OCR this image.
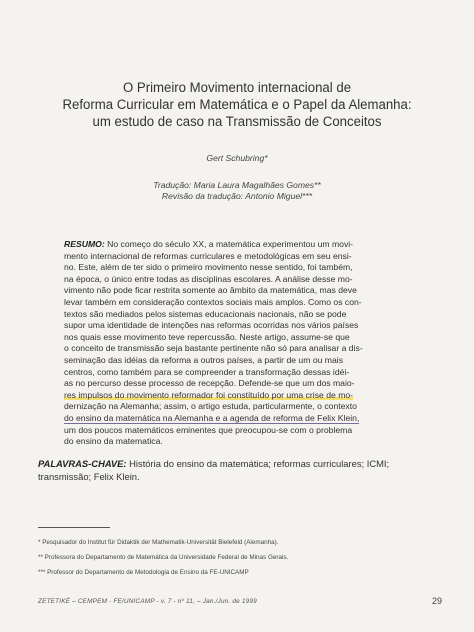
O Primeiro Movimento internacional de
Reforma Curricular em Matemática e o Papel da Alemanha:
um estudo de caso na Transmissão de Conceitos
Gert Schubring*
Tradução: Maria Laura Magalhães Gomes**
Revisão da tradução: Antonio Miguel***
RESUMO: No começo do século XX, a matemática experimentou um movi-
mento internacional de reformas curriculares e metodológicas em seu ensi-
no. Este, além de ter sido o primeiro movimento nesse sentido, foi também,
na época, o único entre todas as disciplinas escolares. A análise desse mo-
vimento não pode ficar restrita somente ao âmbito da matemática, mas deve
levar também em consideração contextos sociais mais amplos. Como os con-
textos são mediados pelos sistemas educacionais nacionais, não se pode
supor uma identidade de intenções nas reformas ocorridas nos vários países
nos quais esse movimento teve repercussão. Neste artigo, assume-se que
o conceito de transmissão seja bastante pertinente não só para analisar a dis-
seminação das idéias da reforma a outros países, a partir de um ou mais
centros, como também para se compreender a transformação dessas idéi-
as no percurso desse processo de recepção. Defende-se que um dos maio-
res impulsos do movimento reformador foi constituído por uma crise de mo-
dernização na Alemanha; assim, o artigo estuda, particularmente, o contexto
do ensino da matemática na Alemanha e a agenda de reforma de Felix Klein,
um dos poucos matemáticos eminentes que preocupou-se com o problema
do ensino da matematica.
PALAVRAS-CHAVE: História do ensino da matemática; reformas curriculares; ICMI;
transmissão; Felix Klein.
* Pesquisador do Institut für Didaktik der Mathematik-Universität Bielefeld (Alemanha).
** Professora do Departamento de Matemática da Universidade Federal de Minas Gerais.
*** Professor do Departamento de Metodologia de Ensino da FE-UNICAMP
ZETETIKÉ – CEMPEM - FE/UNICAMP - v. 7 - nº 11, – Jan./Jun. de 1999	29
